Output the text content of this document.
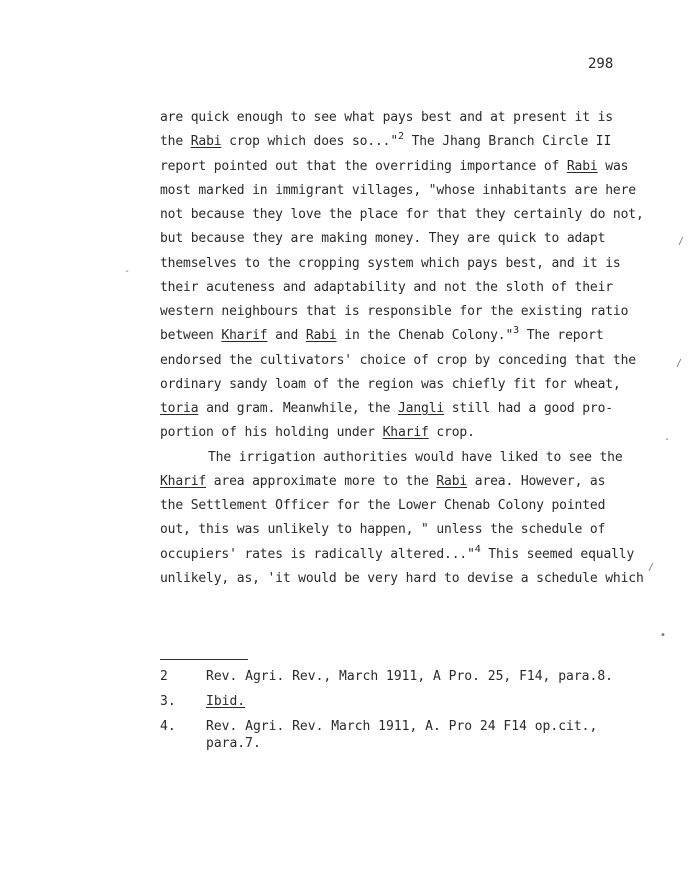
298
are quick enough to see what pays best and at present it is
the Rabi crop which does so..."$^2$ The Jhang Branch Circle II
report pointed out that the overriding importance of Rabi was
most marked in immigrant villages, "whose inhabitants are here
not because they love the place for that they certainly do not,
but because they are making money. They are quick to adapt
themselves to the cropping system which pays best, and it is
their acuteness and adaptability and not the sloth of their
western neighbours that is responsible for the existing ratio
between Kharif and Rabi in the Chenab Colony."$^3$ The report
endorsed the cultivators' choice of crop by conceding that the
ordinary sandy loam of the region was chiefly fit for wheat,
toria and gram. Meanwhile, the Jangli still had a good pro-
portion of his holding under Kharif crop.
The irrigation authorities would have liked to see the
Kharif area approximate more to the Rabi area. However, as
the Settlement Officer for the Lower Chenab Colony pointed
out, this was unlikely to happen, " unless the schedule of
occupiers' rates is radically altered..."$^4$ This seemed equally
unlikely, as, 'it would be very hard to devise a schedule which
2	Rev. Agri. Rev., March 1911, A Pro. 25, F14, para.8.
3. Ibid.
4. Rev. Agri. Rev. March 1911, A. Pro 24 F14 op.cit.,
para.7.
/
-
/
.
/
•
